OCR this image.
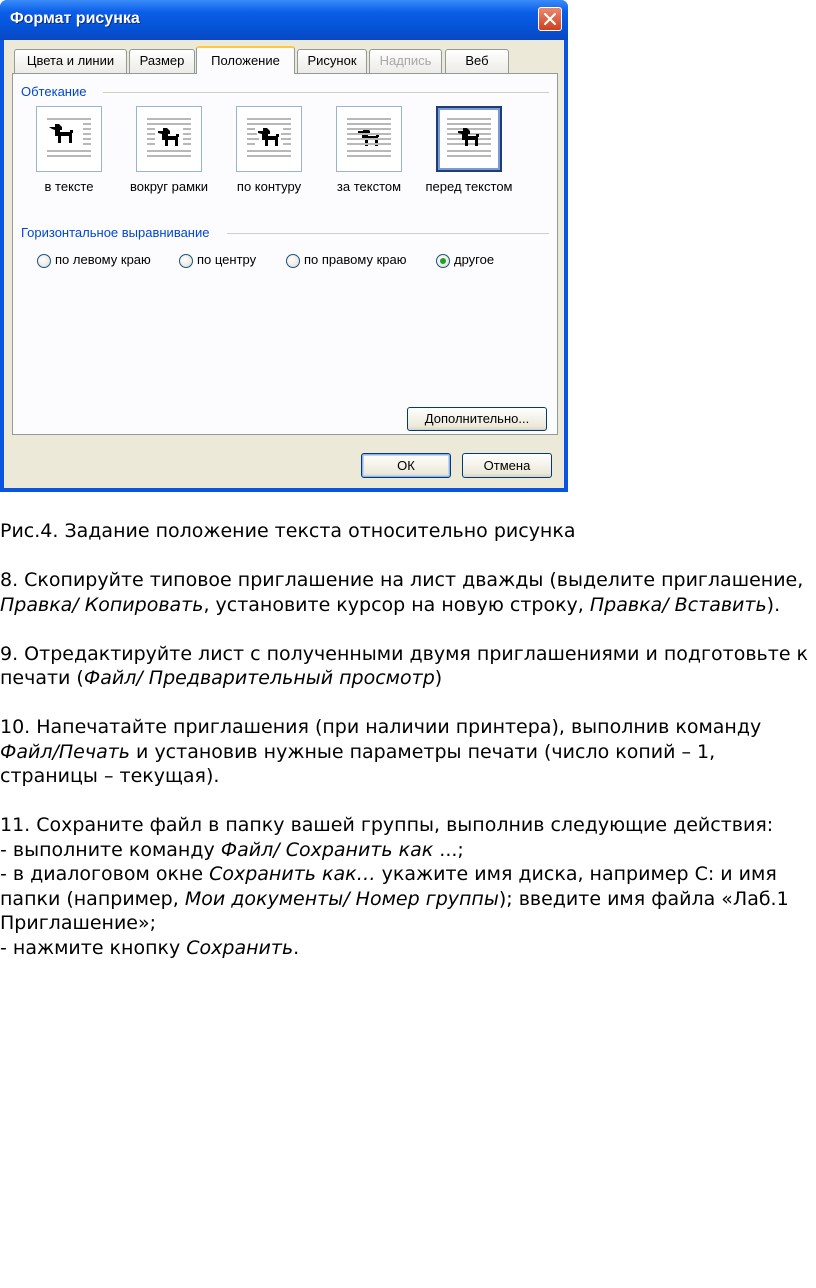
Формат рисунка
Цвета и линии	Размер	Положение	Рисунок	Надпись	Веб
Обтекание
в тексте	вокруг рамки	по контуру	за текстом	перед текстом
Горизонтальное выравнивание
по левому краю	по центру	по правому краю	другое
Дополнительно...
ОК	Отмена

Рис.4. Задание положение текста относительно рисунка

8. Скопируйте типовое приглашение на лист дважды (выделите приглашение, Правка/ Копировать, установите курсор на новую строку, Правка/ Вставить).

9. Отредактируйте лист с полученными двумя приглашениями и подготовьте к печати (Файл/ Предварительный просмотр)

10. Напечатайте приглашения (при наличии принтера), выполнив команду Файл/Печать и установив нужные параметры печати (число копий – 1, страницы – текущая).

11. Сохраните файл в папку вашей группы, выполнив следующие действия:

- выполните команду Файл/ Сохранить как ...;

- в диалоговом окне Сохранить как… укажите имя диска, например С: и имя папки (например, Мои документы/ Номер группы); введите имя файла «Лаб.1 Приглашение»;

- нажмите кнопку Сохранить.
